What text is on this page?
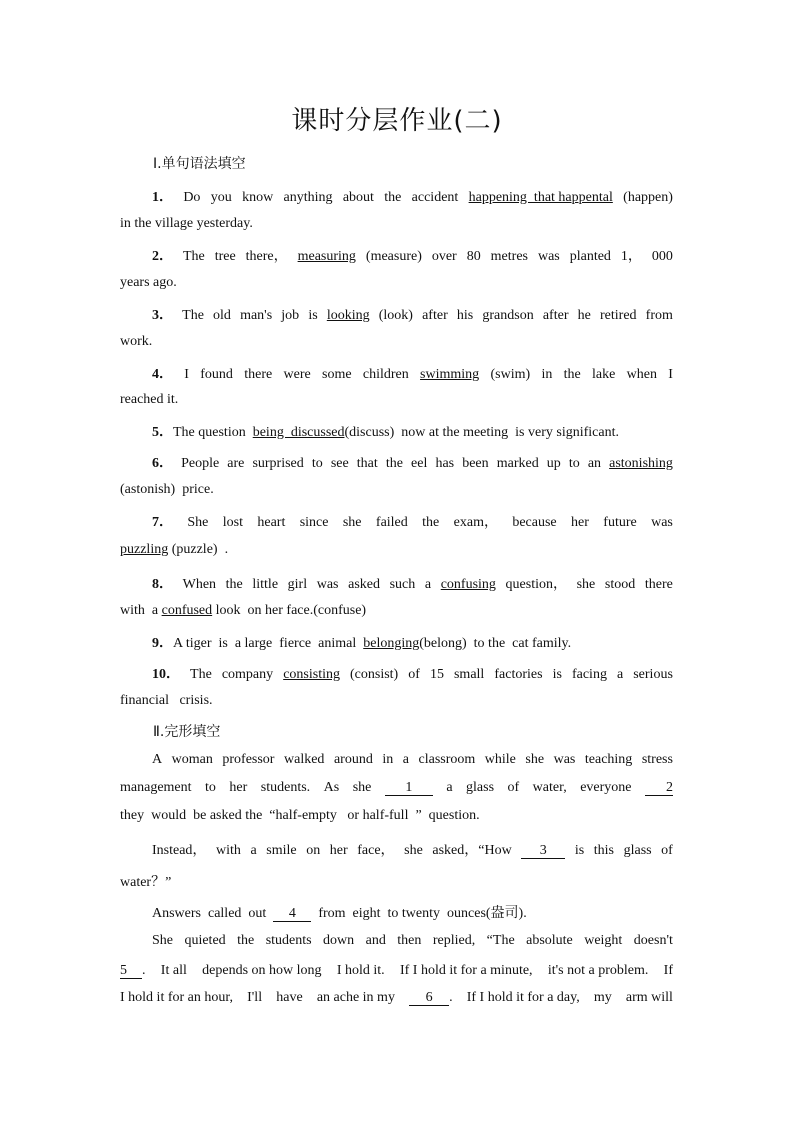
课时分层作业(二)
Ⅰ.单句语法填空
1． Do you know anything about the accident happening  that happental (happen)
in the village yesterday.
2． The tree there， measuring (measure) over 80 metres was planted 1， 000
years ago.
3． The old man's job is looking (look) after his grandson after he retired from
work.
4． I found there were some children swimming (swim) in the lake when I
reached it.
5．The question being  discussed(discuss)  now at the meeting  is very significant.
6． People are surprised to see that the eel has been marked up to an astonishing
(astonish)  price.
7． She lost heart since she failed the exam， because her future was
puzzling (puzzle)  .
8． When the little girl was asked such a confusing question， she stood there
with  a confused look  on her face.(confuse)
9．A tiger  is  a large  fierce  animal belonging(belong)  to the  cat family.
10． The company consisting (consist) of 15 small factories is facing a serious
financial   crisis.
Ⅱ.完形填空
A woman professor walked around in a classroom while she was teaching stress
management to her students. As she	1	a glass of water, everyone	2
they  would  be asked the  “half-empty   or half-full  ”  question.
Instead， with a smile on her face， she asked，“How	3	is this glass of
water？”
Answers  called  out 4 from  eight  to twenty  ounces(盎司).
She quieted the students down and then replied, “The absolute weight doesn't
5 . It all depends on how long I hold it. If I hold it for a minute, it's not a problem. If
I hold it for an hour, I'll have an ache in my	6 . If I hold it for a day, my arm will
